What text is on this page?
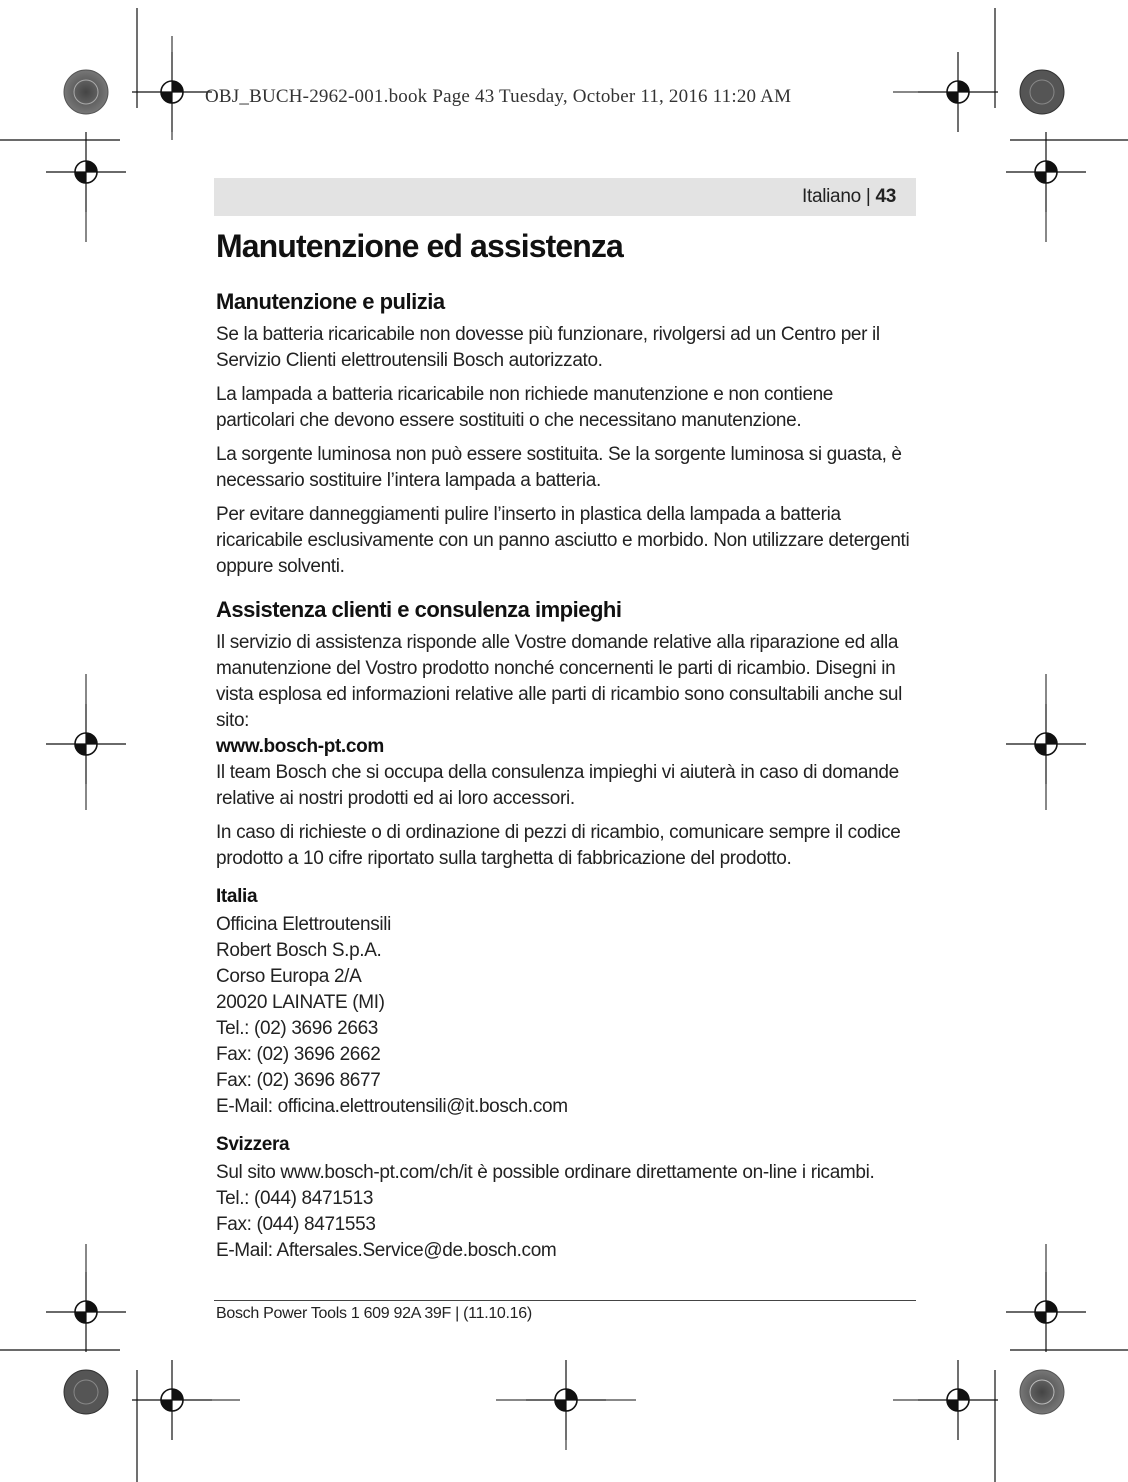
OBJ_BUCH-2962-001.book Page 43 Tuesday, October 11, 2016 11:20 AM
Italiano | 43
Manutenzione ed assistenza
Manutenzione e pulizia

Se la batteria ricaricabile non dovesse più funzionare, rivolgersi ad un Centro per il Servizio Clienti elettroutensili Bosch autorizzato.

La lampada a batteria ricaricabile non richiede manutenzione e non contiene particolari che devono essere sostituiti o che necessitano manutenzione.

La sorgente luminosa non può essere sostituita. Se la sorgente luminosa si guasta, è necessario sostituire l’intera lampada a batteria.

Per evitare danneggiamenti pulire l’inserto in plastica della lampada a batteria ricaricabile esclusivamente con un panno asciutto e morbido. Non utilizzare detergenti oppure solventi.

Assistenza clienti e consulenza impieghi

Il servizio di assistenza risponde alle Vostre domande relative alla riparazione ed alla manutenzione del Vostro prodotto nonché concernenti le parti di ricambio. Disegni in vista esplosa ed informazioni relative alle parti di ricambio sono consultabili anche sul sito:

www.bosch-pt.com

Il team Bosch che si occupa della consulenza impieghi vi aiuterà in caso di domande relative ai nostri prodotti ed ai loro accessori.

In caso di richieste o di ordinazione di pezzi di ricambio, comunicare sempre il codice prodotto a 10 cifre riportato sulla targhetta di fabbricazione del prodotto.

Italia
Officina Elettroutensili
Robert Bosch S.p.A.
Corso Europa 2/A
20020 LAINATE (MI)
Tel.: (02) 3696 2663
Fax: (02) 3696 2662
Fax: (02) 3696 8677
E-Mail: officina.elettroutensili@it.bosch.com
Svizzera
Sul sito www.bosch-pt.com/ch/it è possible ordinare direttamente on-line i ricambi.
Tel.: (044) 8471513
Fax: (044) 8471553
E-Mail: Aftersales.Service@de.bosch.com
Bosch Power Tools 1 609 92A 39F | (11.10.16)
